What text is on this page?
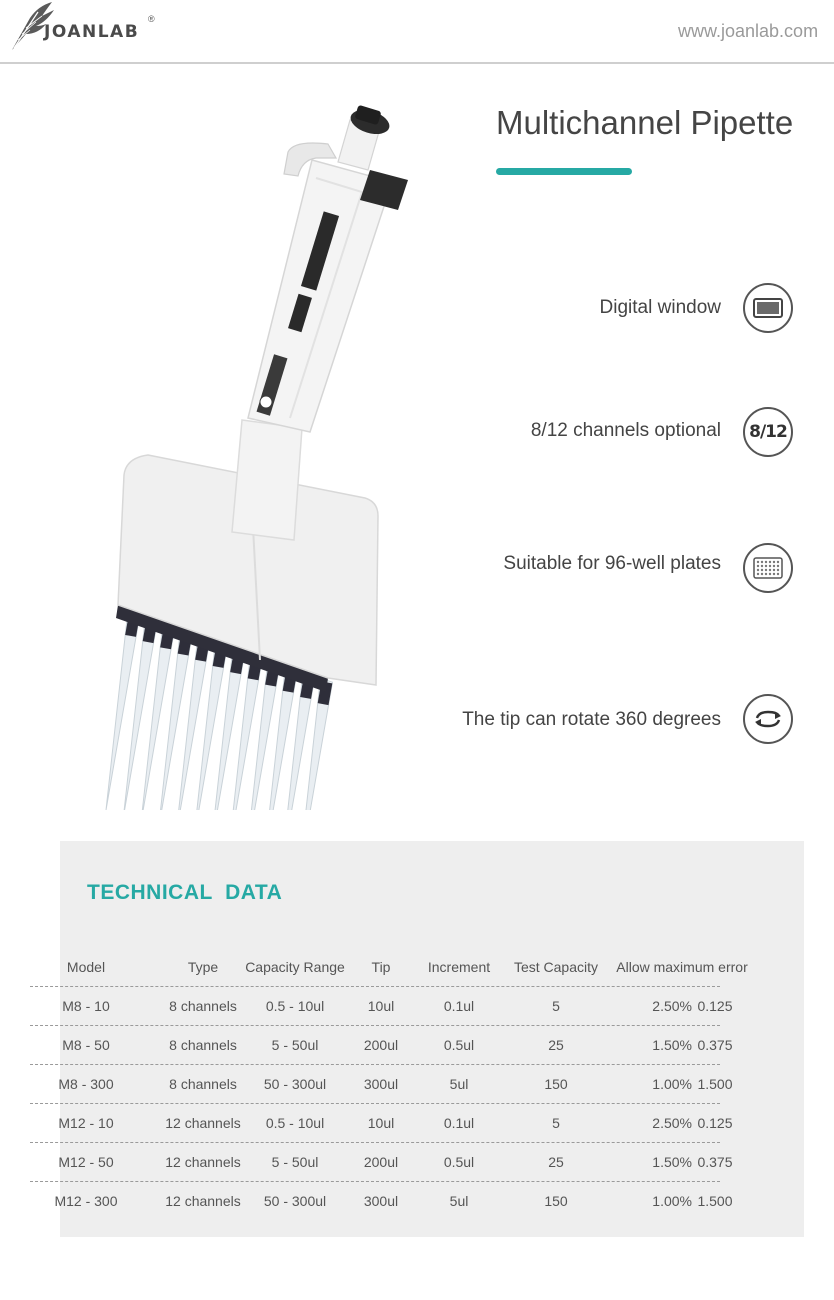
JOANLAB
®
www.joanlab.com
Multichannel Pipette
Digital window
8/12 channels optional 8/12
Suitable for 96-well plates
The tip can rotate 360 degrees
TECHNICAL  DATA
Model	Type	Capacity Range	Tip	Increment	Test Capacity	Allow maximum error
M8 - 10	8 channels	0.5 - 10ul	10ul	0.1ul	5	2.50% 0.125
M8 - 50	8 channels	5 - 50ul	200ul	0.5ul	25	1.50% 0.375
M8 - 300	8 channels	50 - 300ul	300ul	5ul	150	1.00% 1.500
M12 - 10	12 channels	0.5 - 10ul	10ul	0.1ul	5	2.50% 0.125
M12 - 50	12 channels	5 - 50ul	200ul	0.5ul	25	1.50% 0.375
M12 - 300	12 channels	50 - 300ul	300ul	5ul	150	1.00% 1.500
